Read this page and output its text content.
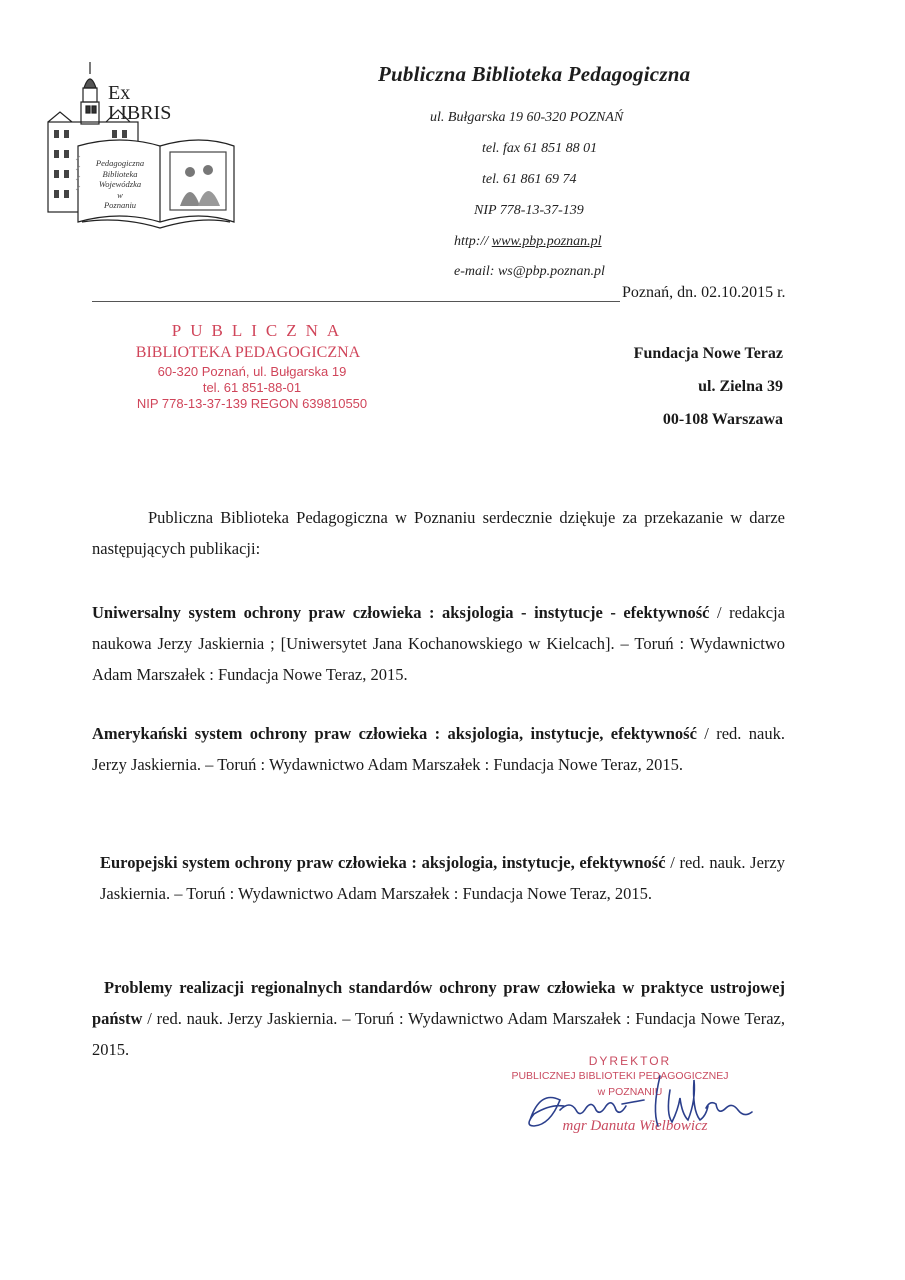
Ex
LIBRIS
Pedagogiczna
Biblioteka
Wojewódzka
w
Poznaniu
Publiczna Biblioteka Pedagogiczna
ul. Bułgarska 19 60-320 POZNAŃ
tel. fax 61 851 88 01
tel. 61 861 69 74
NIP 778-13-37-139
http:// www.pbp.poznan.pl
e-mail: ws@pbp.poznan.pl
Poznań, dn. 02.10.2015 r.
PUBLICZNA
BIBLIOTEKA PEDAGOGICZNA
60-320 Poznań, ul. Bułgarska 19
tel. 61 851-88-01
NIP 778-13-37-139 REGON 639810550
Fundacja Nowe Teraz
ul. Zielna 39
00-108 Warszawa
Publiczna Biblioteka Pedagogiczna w Poznaniu serdecznie dziękuje za przekazanie w darze następujących publikacji:
Uniwersalny system ochrony praw człowieka : aksjologia - instytucje - efektywność / redakcja naukowa Jerzy Jaskiernia ; [Uniwersytet Jana Kochanowskiego w Kielcach]. – Toruń : Wydawnictwo Adam Marszałek : Fundacja Nowe Teraz, 2015.
Amerykański system ochrony praw człowieka : aksjologia, instytucje, efektywność / red. nauk. Jerzy Jaskiernia. – Toruń : Wydawnictwo Adam Marszałek : Fundacja Nowe Teraz, 2015.
Europejski system ochrony praw człowieka : aksjologia, instytucje, efektywność / red. nauk. Jerzy Jaskiernia. – Toruń : Wydawnictwo Adam Marszałek : Fundacja Nowe Teraz, 2015.
Problemy realizacji regionalnych standardów ochrony praw człowieka w praktyce ustrojowej państw / red. nauk. Jerzy Jaskiernia. – Toruń : Wydawnictwo Adam Marszałek : Fundacja Nowe Teraz, 2015.
DYREKTOR
PUBLICZNEJ BIBLIOTEKI PEDAGOGICZNEJ
w POZNANIU
mgr Danuta Wielbowicz
